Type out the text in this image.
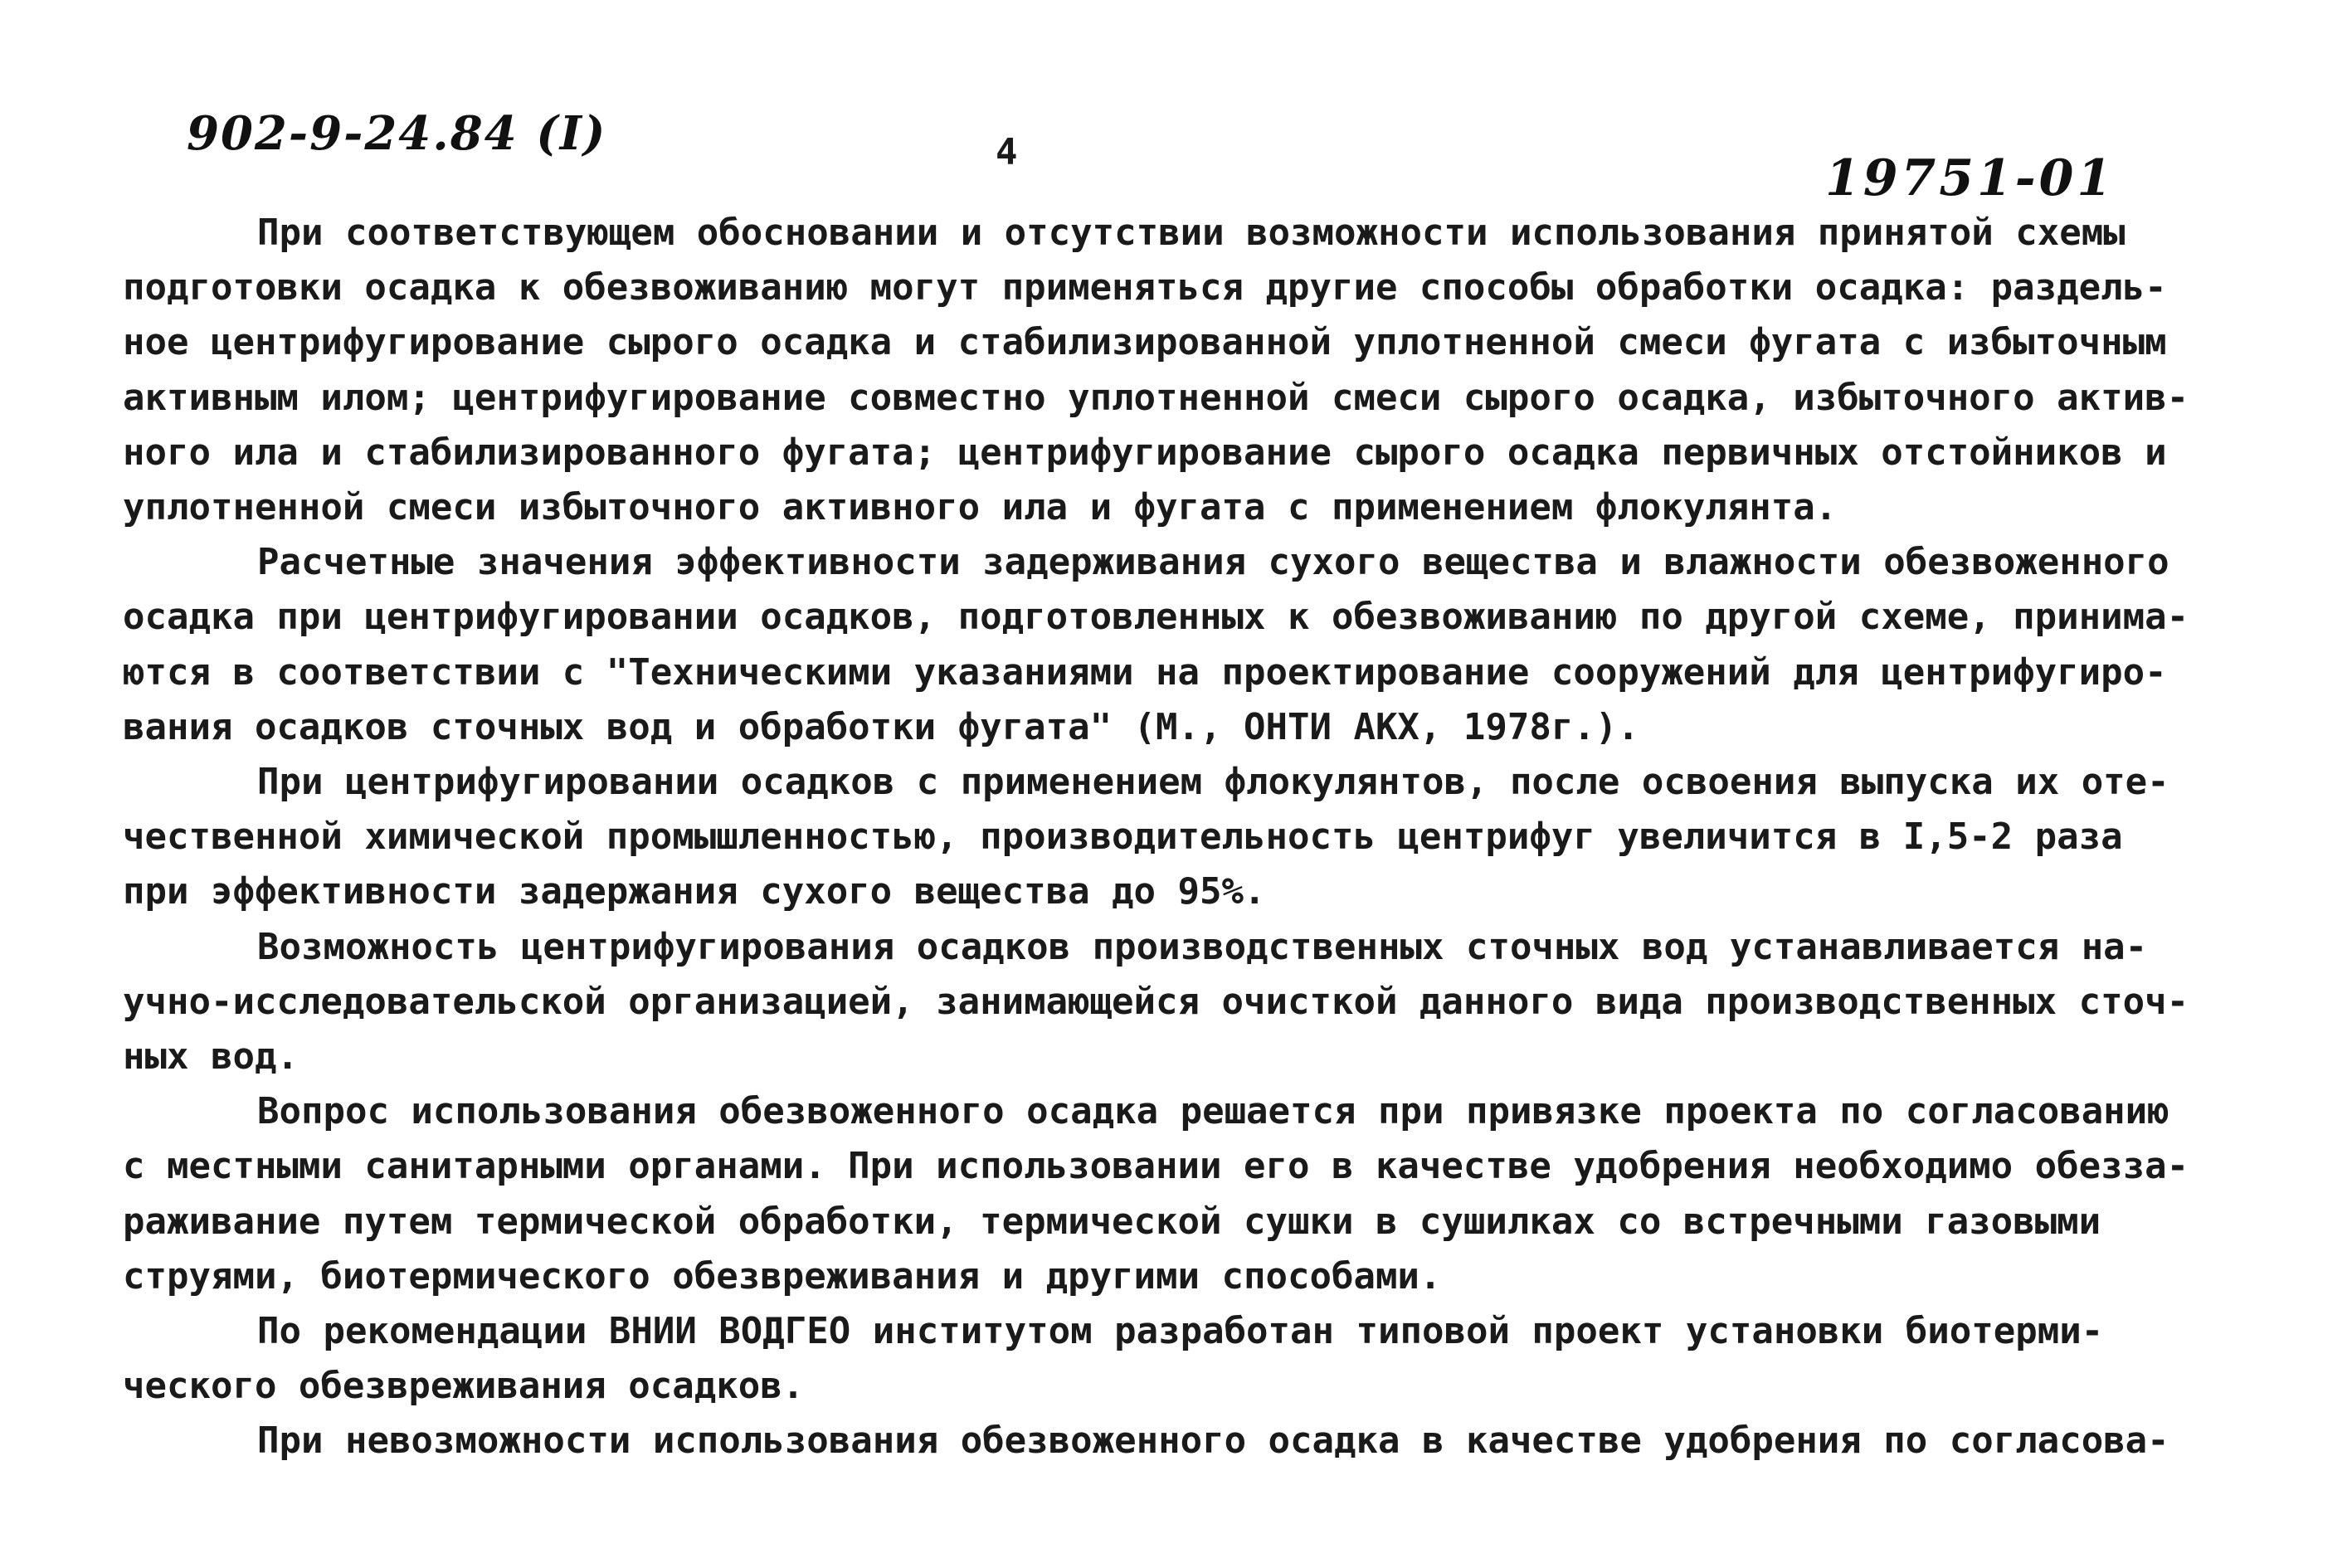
902-9-24.84 (I)	4	19751-01
При соответствующем обосновании и отсутствии возможности использования принятой схемы
подготовки осадка к обезвоживанию могут применяться другие способы обработки осадка: раздель-
ное центрифугирование сырого осадка и стабилизированной уплотненной смеси фугата с избыточным
активным илом; центрифугирование совместно уплотненной смеси сырого осадка, избыточного актив-
ного ила и стабилизированного фугата; центрифугирование сырого осадка первичных отстойников и
уплотненной смеси избыточного активного ила и фугата с применением флокулянта.
Расчетные значения эффективности задерживания сухого вещества и влажности обезвоженного
осадка при центрифугировании осадков, подготовленных к обезвоживанию по другой схеме, принима-
ются в соответствии с "Техническими указаниями на проектирование сооружений для центрифугиро-
вания осадков сточных вод и обработки фугата" (М., ОНТИ АКХ, 1978г.).
При центрифугировании осадков с применением флокулянтов, после освоения выпуска их оте-
чественной химической промышленностью, производительность центрифуг увеличится в I,5-2 раза
при эффективности задержания сухого вещества до 95%.
Возможность центрифугирования осадков производственных сточных вод устанавливается на-
учно-исследовательской организацией, занимающейся очисткой данного вида производственных сточ-
ных вод.
Вопрос использования обезвоженного осадка решается при привязке проекта по согласованию
с местными санитарными органами. При использовании его в качестве удобрения необходимо обезза-
раживание путем термической обработки, термической сушки в сушилках со встречными газовыми
струями, биотермического обезвреживания и другими способами.
По рекомендации ВНИИ ВОДГЕО институтом разработан типовой проект установки биотерми-
ческого обезвреживания осадков.
При невозможности использования обезвоженного осадка в качестве удобрения по согласова-
